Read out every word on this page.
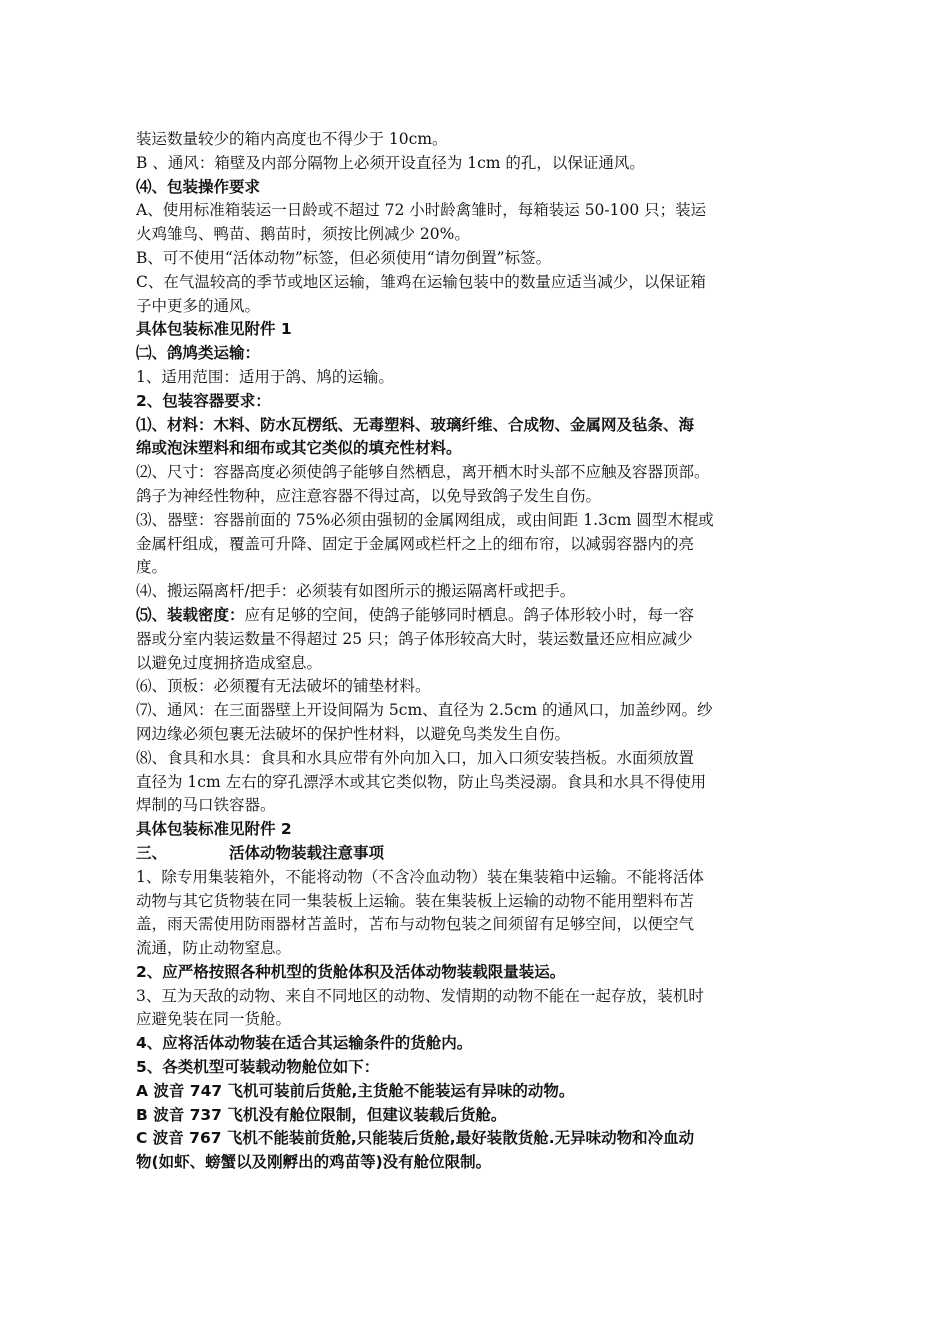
装运数量较少的箱内高度也不得少于 10cm。
B 、通风：箱壁及内部分隔物上必须开设直径为 1cm 的孔，以保证通风。
⑷、包装操作要求
A、使用标准箱装运一日龄或不超过 72 小时龄禽雏时，每箱装运 50-100 只；装运
火鸡雏鸟、鸭苗、鹅苗时，须按比例减少 20%。
B、可不使用“活体动物”标签，但必须使用“请勿倒置”标签。
C、在气温较高的季节或地区运输，雏鸡在运输包装中的数量应适当减少，以保证箱
子中更多的通风。
具体包装标准见附件 1
㈡、鸽鸠类运输：
1、适用范围：适用于鸽、鸠的运输。
2、包装容器要求：
⑴、材料：木料、防水瓦楞纸、无毒塑料、玻璃纤维、合成物、金属网及毡条、海
绵或泡沫塑料和细布或其它类似的填充性材料。
⑵、尺寸：容器高度必须使鸽子能够自然栖息，离开栖木时头部不应触及容器顶部。
鸽子为神经性物种，应注意容器不得过高，以免导致鸽子发生自伤。
⑶、器壁：容器前面的 75%必须由强韧的金属网组成，或由间距 1.3cm 圆型木棍或
金属杆组成，覆盖可升降、固定于金属网或栏杆之上的细布帘，以减弱容器内的亮
度。
⑷、搬运隔离杆/把手：必须装有如图所示的搬运隔离杆或把手。
⑸、装载密度：应有足够的空间，使鸽子能够同时栖息。鸽子体形较小时，每一容
器或分室内装运数量不得超过 25 只；鸽子体形较高大时，装运数量还应相应减少
以避免过度拥挤造成窒息。
⑹、顶板：必须覆有无法破坏的铺垫材料。
⑺、通风：在三面器壁上开设间隔为 5cm、直径为 2.5cm 的通风口，加盖纱网。纱
网边缘必须包裹无法破坏的保护性材料，以避免鸟类发生自伤。
⑻、食具和水具：食具和水具应带有外向加入口，加入口须安装挡板。水面须放置
直径为 1cm 左右的穿孔漂浮木或其它类似物，防止鸟类浸溺。食具和水具不得使用
焊制的马口铁容器。
具体包装标准见附件 2
三、	活体动物装载注意事项
1、除专用集装箱外，不能将动物（不含冷血动物）装在集装箱中运输。不能将活体
动物与其它货物装在同一集装板上运输。装在集装板上运输的动物不能用塑料布苫
盖，雨天需使用防雨器材苫盖时，苫布与动物包装之间须留有足够空间，以便空气
流通，防止动物窒息。
2、应严格按照各种机型的货舱体积及活体动物装载限量装运。
3、互为天敌的动物、来自不同地区的动物、发情期的动物不能在一起存放，装机时
应避免装在同一货舱。
4、应将活体动物装在适合其运输条件的货舱内。
5、各类机型可装载动物舱位如下：
A 波音 747 飞机可装前后货舱,主货舱不能装运有异味的动物。
B 波音 737 飞机没有舱位限制，但建议装载后货舱。
C 波音 767 飞机不能装前货舱,只能装后货舱,最好装散货舱.无异味动物和冷血动
物(如虾、螃蟹以及刚孵出的鸡苗等)没有舱位限制。
